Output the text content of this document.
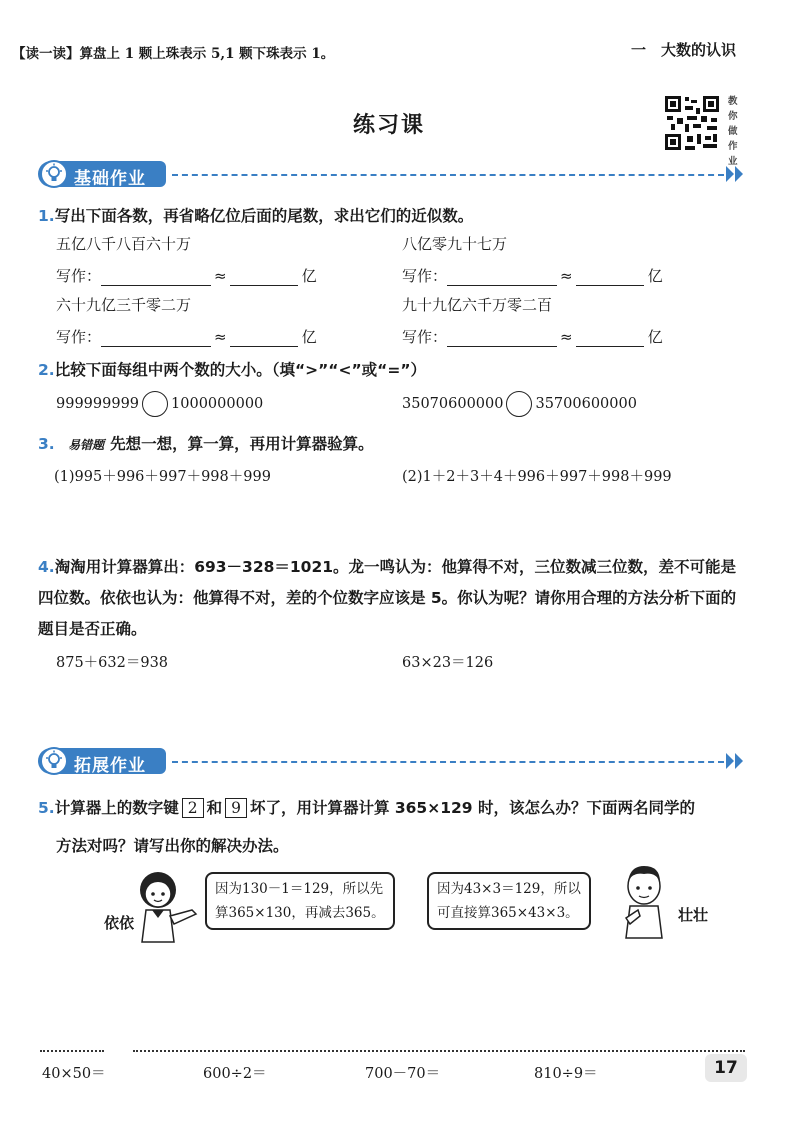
【读一读】算盘上 1 颗上珠表示 5,1 颗下珠表示 1。	一　大数的认识
练习课
教你做作业
基础作业
1.写出下面各数，再省略亿位后面的尾数，求出它们的近似数。
五亿八千八百六十万	八亿零九十七万
写作：	≈	亿	写作：	≈	亿
六十九亿三千零二万	九十九亿六千万零二百
写作：	≈	亿	写作：	≈	亿
2.比较下面每组中两个数的大小。（填“>”“<”或“=”）
999999999 1000000000	35070600000 35700600000
3. 易错题 先想一想，算一算，再用计算器验算。
(1)995＋996＋997＋998＋999	(2)1＋2＋3＋4＋996＋997＋998＋999
4.淘淘用计算器算出：693－328＝1021。龙一鸣认为：他算得不对，三位数减三位数，差不可能是四位数。依依也认为：他算得不对，差的个位数字应该是 5。你认为呢？请你用合理的方法分析下面的题目是否正确。
875＋632＝938	63×23＝126
拓展作业
5.计算器上的数字键 2 和 9 坏了，用计算器计算 365×129 时，该怎么办？下面两名同学的
方法对吗？请写出你的解决办法。
依依
因为130－1＝129，所以先
算365×130，再减去365。
因为43×3＝129，所以
可直接算365×43×3。	壮壮
40×50＝	600÷2＝	700－70＝	810÷9＝	17
